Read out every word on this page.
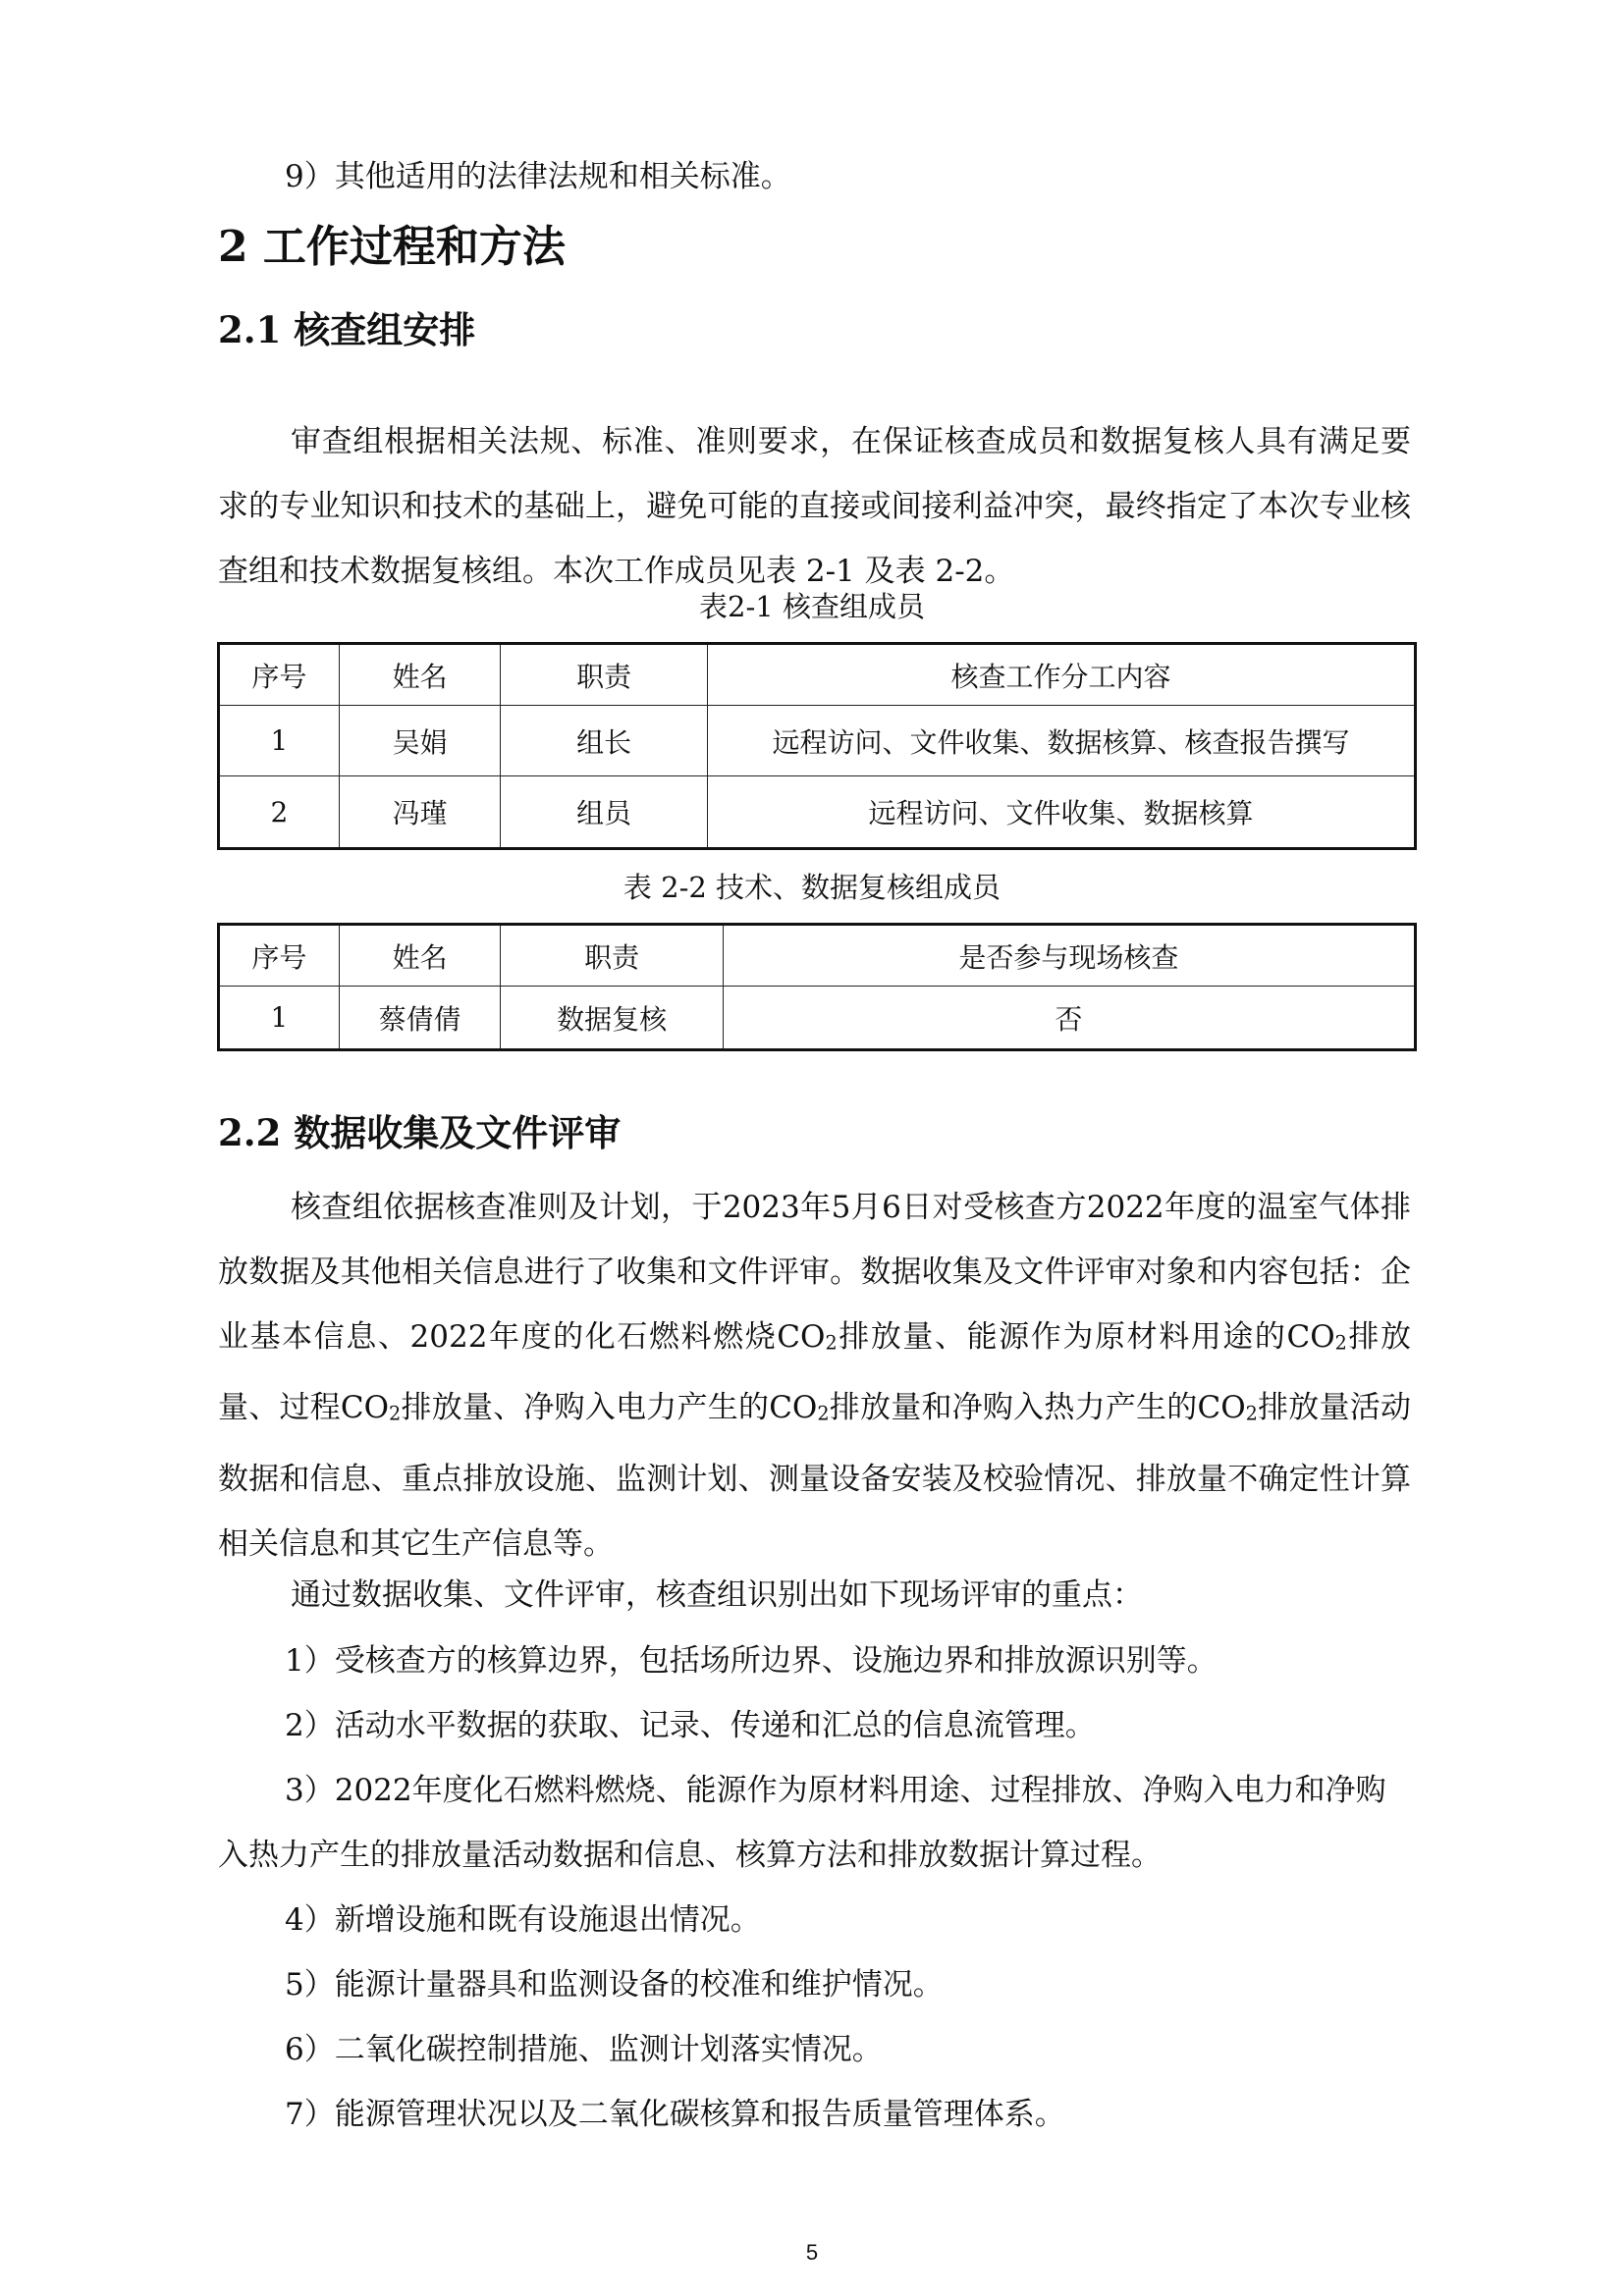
9）其他适用的法律法规和相关标准。

2 工作过程和方法
2.1 核查组安排

审查组根据相关法规、标准、准则要求，在保证核查成员和数据复核人具有满足要求的专业知识和技术的基础上，避免可能的直接或间接利益冲突，最终指定了本次专业核查组和技术数据复核组。本次工作成员见表 2-1 及表 2-2。

表2-1 核查组成员

序号	姓名	职责	核查工作分工内容
1	吴娟	组长	远程访问、文件收集、数据核算、核查报告撰写
2	冯瑾	组员	远程访问、文件收集、数据核算

表 2-2 技术、数据复核组成员

序号	姓名	职责	是否参与现场核查
1	蔡倩倩	数据复核	否
2.2 数据收集及文件评审

核查组依据核查准则及计划，于2023年5月6日对受核查方2022年度的温室气体排放数据及其他相关信息进行了收集和文件评审。数据收集及文件评审对象和内容包括：企业基本信息、2022年度的化石燃料燃烧$CO_2$排放量、能源作为原材料用途的$CO_2$排放量、过程$CO_2$排放量、净购入电力产生的$CO_2$排放量和净购入热力产生的$CO_2$排放量活动数据和信息、重点排放设施、监测计划、测量设备安装及校验情况、排放量不确定性计算相关信息和其它生产信息等。

通过数据收集、文件评审，核查组识别出如下现场评审的重点：

1）受核查方的核算边界，包括场所边界、设施边界和排放源识别等。

2）活动水平数据的获取、记录、传递和汇总的信息流管理。

3）2022年度化石燃料燃烧、能源作为原材料用途、过程排放、净购入电力和净购入热力产生的排放量活动数据和信息、核算方法和排放数据计算过程。

4）新增设施和既有设施退出情况。

5）能源计量器具和监测设备的校准和维护情况。

6）二氧化碳控制措施、监测计划落实情况。

7）能源管理状况以及二氧化碳核算和报告质量管理体系。

5
